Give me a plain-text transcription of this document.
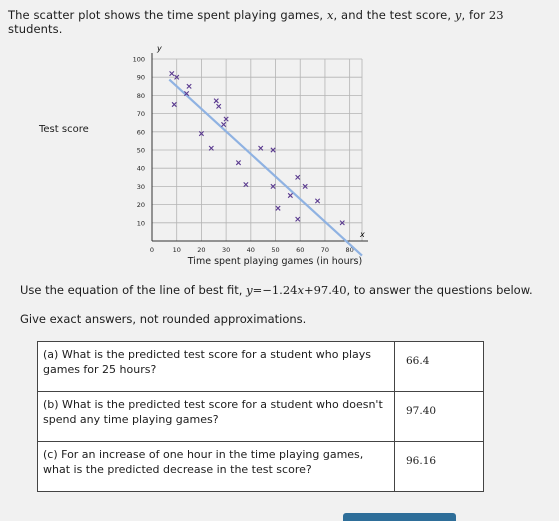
The scatter plot shows the time spent playing games, x, and the test score, y, for 23 students.
10
20
30
40
50
60
70
80
90
100
0	10	20	30	40	50	60	70	80
y
x
Test score
Time spent playing games (in hours)
Use the equation of the line of best fit, y=−1.24x+97.40, to answer the questions below.
Give exact answers, not rounded approximations.
(a) What is the predicted test score for a student who plays games for 25 hours?	66.4
(b) What is the predicted test score for a student who doesn't spend any time playing games?	97.40
(c) For an increase of one hour in the time playing games, what is the predicted decrease in the test score?	96.16
